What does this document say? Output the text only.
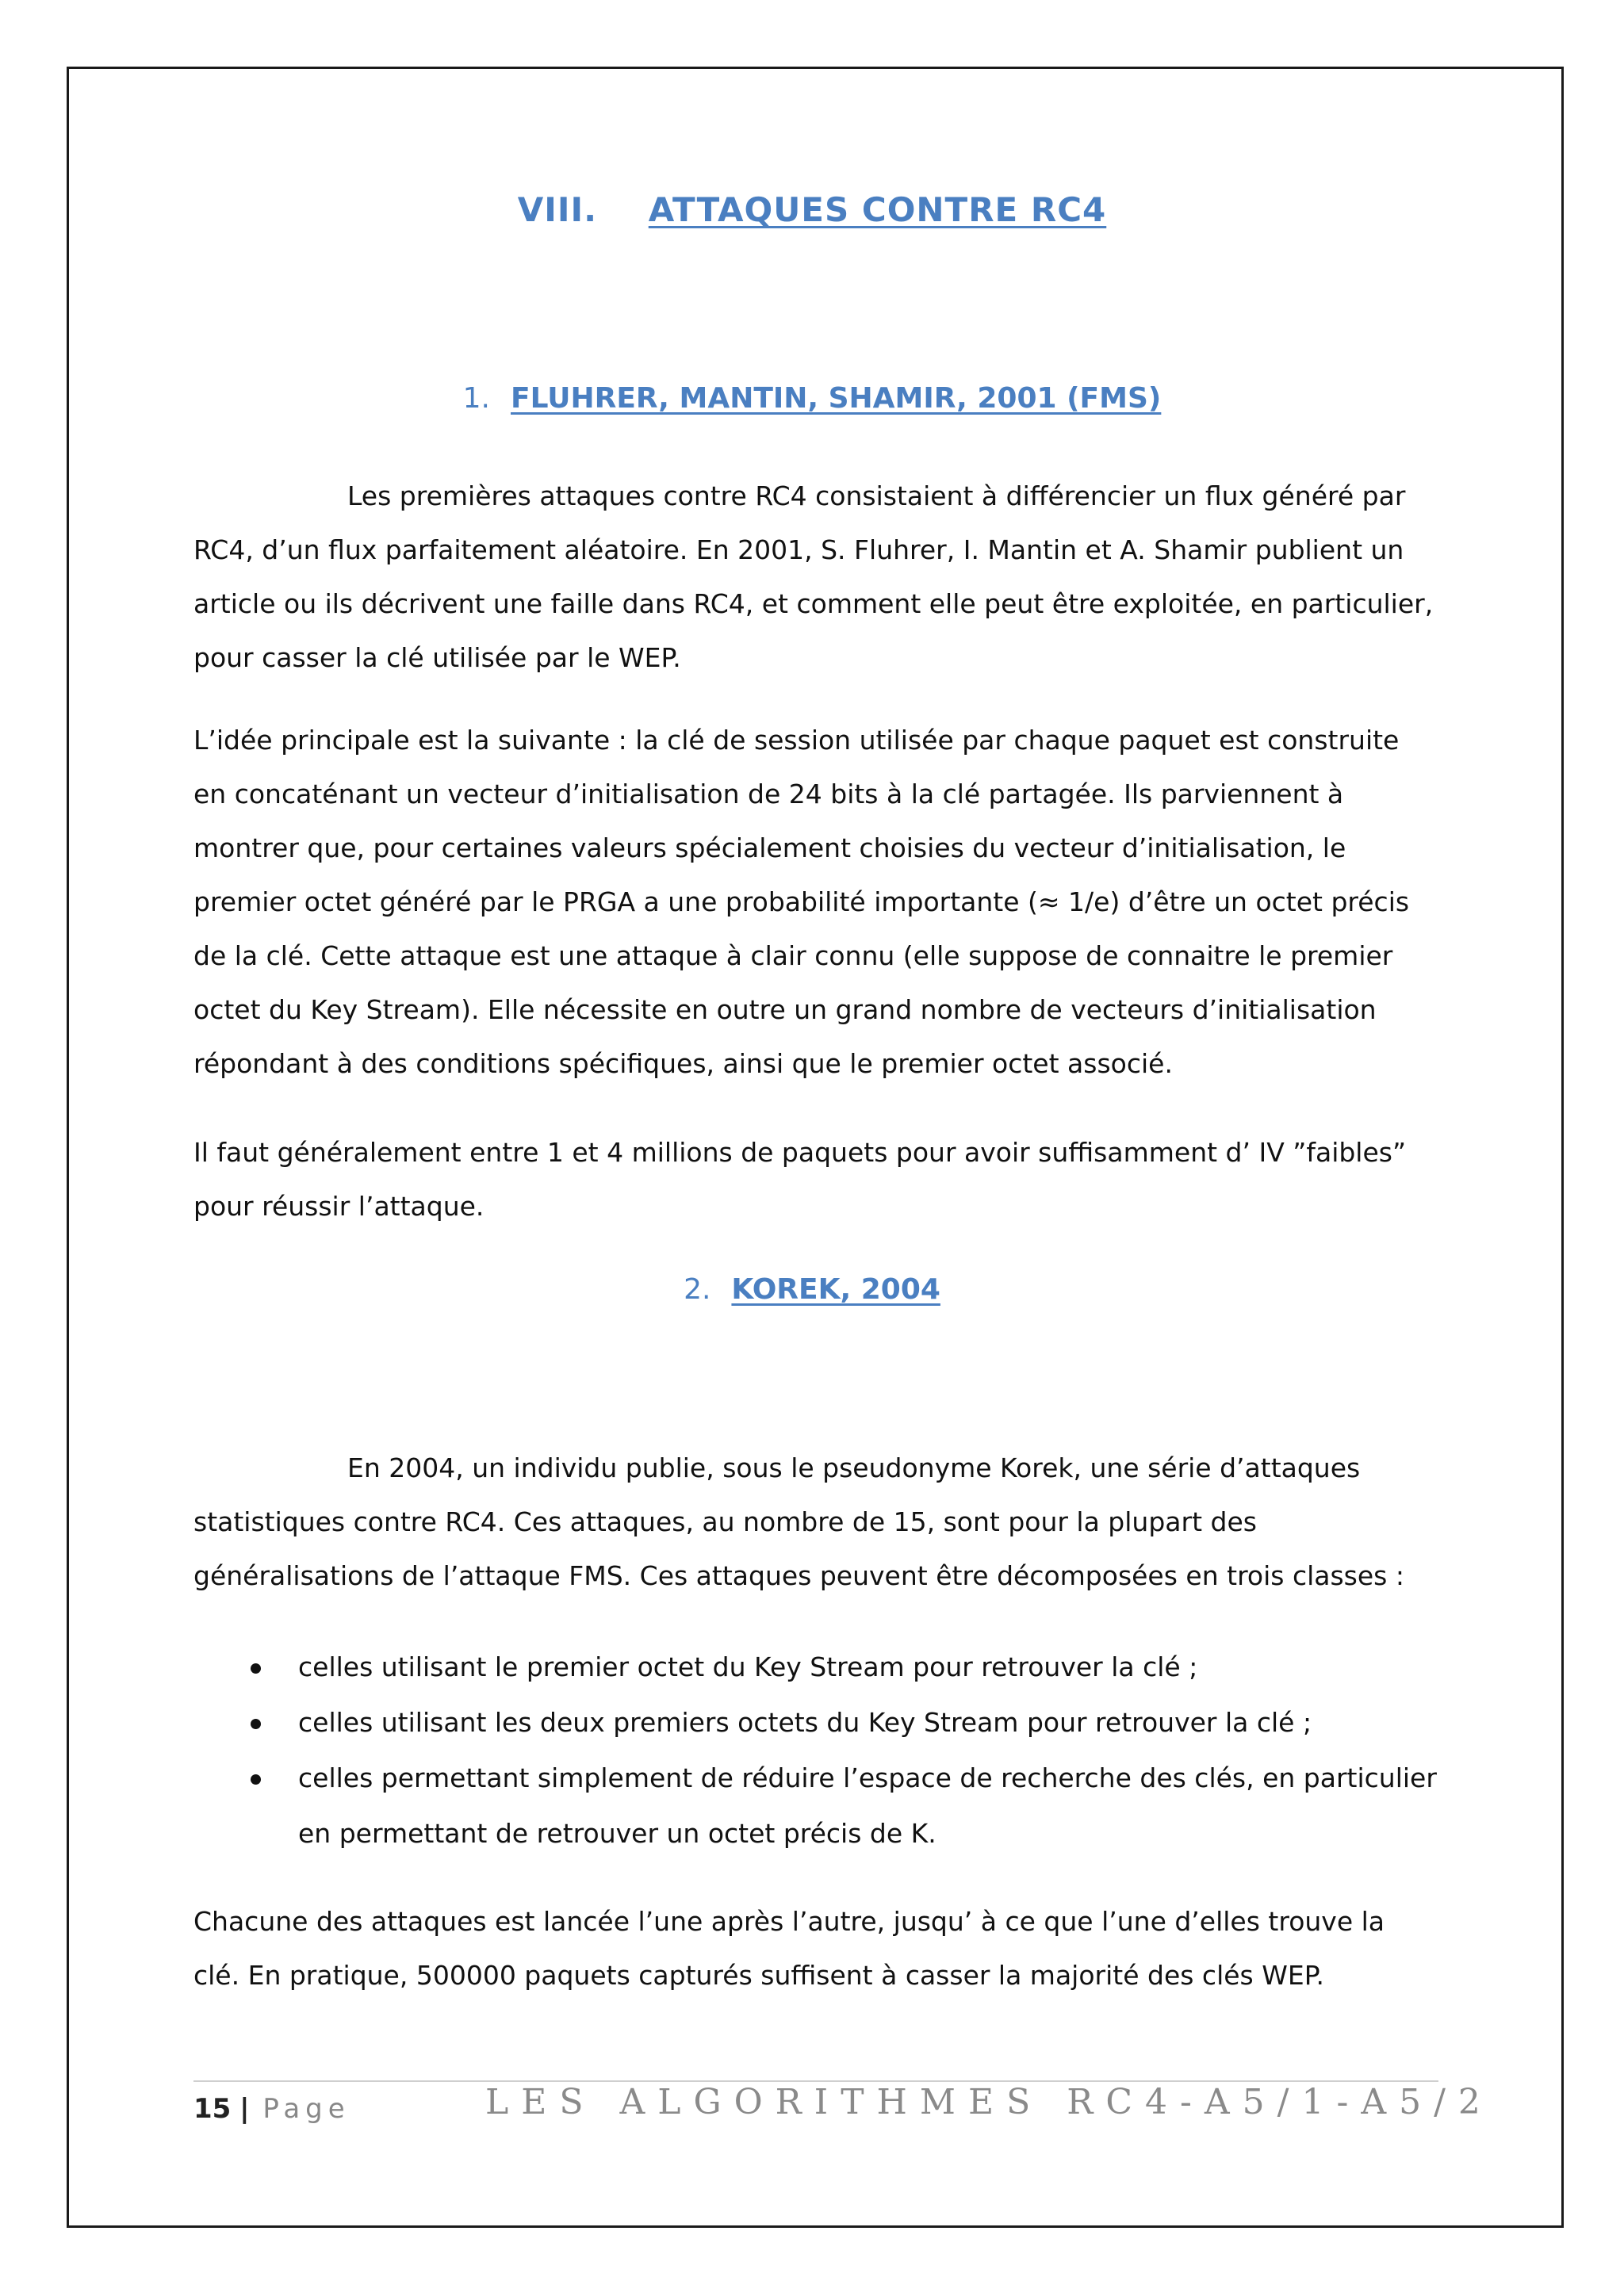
VIII. ATTAQUES CONTRE RC4
1. FLUHRER, MANTIN, SHAMIR, 2001 (FMS)

Les premières attaques contre RC4 consistaient à différencier un flux généré par RC4, d’un flux parfaitement aléatoire. En 2001, S. Fluhrer, I. Mantin et A. Shamir publient un article ou ils décrivent une faille dans RC4, et comment elle peut être exploitée, en particulier, pour casser la clé utilisée par le WEP.

L’idée principale est la suivante : la clé de session utilisée par chaque paquet est construite en concaténant un vecteur d’initialisation de 24 bits à la clé partagée. Ils parviennent à montrer que, pour certaines valeurs spécialement choisies du vecteur d’initialisation, le premier octet généré par le PRGA a une probabilité importante (≈ 1/e) d’être un octet précis de la clé. Cette attaque est une attaque à clair connu (elle suppose de connaitre le premier octet du Key Stream). Elle nécessite en outre un grand nombre de vecteurs d’initialisation répondant à des conditions spécifiques, ainsi que le premier octet associé.

Il faut généralement entre 1 et 4 millions de paquets pour avoir suffisamment d’ IV ”faibles” pour réussir l’attaque.

2. KOREK, 2004

En 2004, un individu publie, sous le pseudonyme Korek, une série d’attaques statistiques contre RC4. Ces attaques, au nombre de 15, sont pour la plupart des généralisations de l’attaque FMS. Ces attaques peuvent être décomposées en trois classes :

celles utilisant le premier octet du Key Stream pour retrouver la clé ;
celles utilisant les deux premiers octets du Key Stream pour retrouver la clé ;
celles permettant simplement de réduire l’espace de recherche des clés, en particulier en permettant de retrouver un octet précis de K.

Chacune des attaques est lancée l’une après l’autre, jusqu’ à ce que l’une d’elles trouve la clé. En pratique, 500000 paquets capturés suffisent à casser la majorité des clés WEP.

15 | Page	LES ALGORITHMES RC4-A5/1-A5/2
